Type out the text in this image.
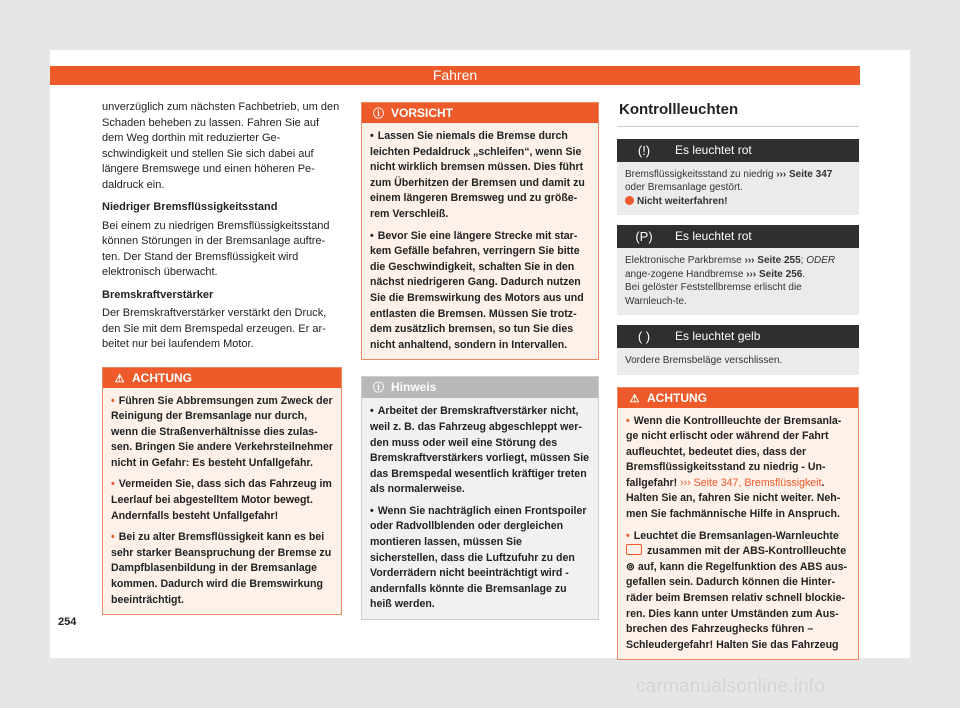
Fahren

unverzüglich zum nächsten Fachbetrieb, um den Schaden beheben zu lassen. Fahren Sie auf dem Weg dorthin mit reduzierter Ge-schwindigkeit und stellen Sie sich dabei auf längere Bremswege und einen höheren Pe-daldruck ein.

Niedriger Bremsflüssigkeitsstand

Bei einem zu niedrigen Bremsflüssigkeitsstand können Störungen in der Bremsanlage auftre-ten. Der Stand der Bremsflüssigkeit wird elektronisch überwacht.

Bremskraftverstärker

Der Bremskraftverstärker verstärkt den Druck, den Sie mit dem Bremspedal erzeugen. Er ar-beitet nur bei laufendem Motor.

⚠ ACHTUNG
• Führen Sie Abbremsungen zum Zweck der Reinigung der Bremsanlage nur durch, wenn die Straßenverhältnisse dies zulas-sen. Bringen Sie andere Verkehrsteilnehmer nicht in Gefahr: Es besteht Unfallgefahr.
• Vermeiden Sie, dass sich das Fahrzeug im Leerlauf bei abgestelltem Motor bewegt. Andernfalls besteht Unfallgefahr!
• Bei zu alter Bremsflüssigkeit kann es bei sehr starker Beanspruchung der Bremse zu Dampfblasenbildung in der Bremsanlage kommen. Dadurch wird die Bremswirkung beeinträchtigt.
ⓘ VORSICHT
• Lassen Sie niemals die Bremse durch leichten Pedaldruck „schleifen“, wenn Sie nicht wirklich bremsen müssen. Dies führt zum Überhitzen der Bremsen und damit zu einem längeren Bremsweg und zu größe-rem Verschleiß.
• Bevor Sie eine längere Strecke mit star-kem Gefälle befahren, verringern Sie bitte die Geschwindigkeit, schalten Sie in den nächst niedrigeren Gang. Dadurch nutzen Sie die Bremswirkung des Motors aus und entlasten die Bremsen. Müssen Sie trotz-dem zusätzlich bremsen, so tun Sie dies nicht anhaltend, sondern in Intervallen.
ⓘ Hinweis
• Arbeitet der Bremskraftverstärker nicht, weil z. B. das Fahrzeug abgeschleppt wer-den muss oder weil eine Störung des Bremskraftverstärkers vorliegt, müssen Sie das Bremspedal wesentlich kräftiger treten als normalerweise.
• Wenn Sie nachträglich einen Frontspoiler oder Radvollblenden oder dergleichen montieren lassen, müssen Sie sicherstellen, dass die Luftzufuhr zu den Vorderrädern nicht beeinträchtigt wird - andernfalls könnte die Bremsanlage zu heiß werden.
Kontrollleuchten
(!) Es leuchtet rot
Bremsflüssigkeitsstand zu niedrig ››› Seite 347 oder Bremsanlage gestört.
Nicht weiterfahren!
(P) Es leuchtet rot
Elektronische Parkbremse ››› Seite 255; ODER ange-zogene Handbremse ››› Seite 256.
Bei gelöster Feststellbremse erlischt die Warnleuch-te.
( ) Es leuchtet gelb
Vordere Bremsbeläge verschlissen.
⚠ ACHTUNG
• Wenn die Kontrollleuchte der Bremsanla-ge nicht erlischt oder während der Fahrt aufleuchtet, bedeutet dies, dass der Bremsflüssigkeitsstand zu niedrig - Un-fallgefahr! ››› Seite 347, Bremsflüssigkeit. Halten Sie an, fahren Sie nicht weiter. Neh-men Sie fachmännische Hilfe in Anspruch.
• Leuchtet die Bremsanlagen-Warnleuchte
zusammen mit der ABS-Kontrollleuchte
⊚ auf, kann die Regelfunktion des ABS aus-gefallen sein. Dadurch können die Hinter-räder beim Bremsen relativ schnell blockie-ren. Dies kann unter Umständen zum Aus-brechen des Fahrzeughecks führen – Schleudergefahr! Halten Sie das Fahrzeug
254
carmanualsonline.info
